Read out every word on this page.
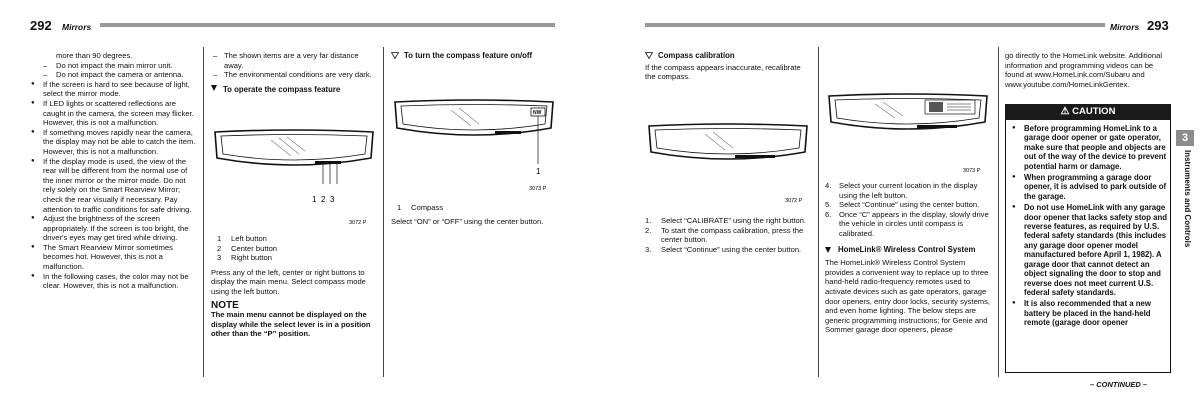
292 Mirrors	Mirrors 293

more than 90 degrees.

– Do not impact the main mirror unit.

– Do not impact the camera or antenna.

● If the screen is hard to see because of light, select the mirror mode.

● If LED lights or scattered reflections are caught in the camera, the screen may flicker. However, this is not a malfunction.

● If something moves rapidly near the camera, the display may not be able to catch the item. However, this is not a malfunction.

● If the display mode is used, the view of the rear will be different from the normal use of the inner mirror or the mirror mode. Do not rely solely on the Smart Rearview Mirror; check the rear visually if necessary. Pay attention to traffic conditions for safe driving.

● Adjust the brightness of the screen appropriately. If the screen is too bright, the driver's eyes may get tired while driving.

● The Smart Rearview Mirror sometimes becomes hot. However, this is not a malfunction.

● In the following cases, the color may not be clear. However, this is not a malfunction.

– The shown items are a very far distance away.

– The environmental conditions are very dark.

To operate the compass feature

1 2 3
3072 P
1 Left button
2 Center button
3 Right button

Press any of the left, center or right buttons to display the main menu. Select compass mode using the left button.

NOTE

The main menu cannot be displayed on the display while the select lever is in a position other than the “P” position.

To turn the compass feature on/off

NW
1
3073 P
1 Compass

Select “ON” or “OFF” using the center button.

Compass calibration

If the compass appears inaccurate, recalibrate the compass.

3072 P

1. Select “CALIBRATE” using the right button.

2. To start the compass calibration, press the center button.

3. Select “Continue” using the center button.

3073 P

4. Select your current location in the display using the left button.

5. Select “Continue” using the center button.

6. Once “C” appears in the display, slowly drive the vehicle in circles until compass is calibrated.

HomeLink® Wireless Control System

The HomeLink® Wireless Control System provides a convenient way to replace up to three hand-held radio-frequency remotes used to activate devices such as gate operators, garage door openers, entry door locks, security systems, and even home lighting. The below steps are generic programming instructions; for Genie and Sommer garage door openers, please

go directly to the HomeLink website. Additional information and programming videos can be found at www.HomeLink.com/Subaru and www.youtube.com/HomeLinkGentex.

⚠ CAUTION

● Before programming HomeLink to a garage door opener or gate operator, make sure that people and objects are out of the way of the device to prevent potential harm or damage.

● When programming a garage door opener, it is advised to park outside of the garage.

● Do not use HomeLink with any garage door opener that lacks safety stop and reverse features, as required by U.S. federal safety standards (this includes any garage door opener model manufactured before April 1, 1982). A garage door that cannot detect an object signaling the door to stop and reverse does not meet current U.S. federal safety standards.

● It is also recommended that a new battery be placed in the hand-held remote (garage door opener

– CONTINUED –
3
Instruments and Controls
